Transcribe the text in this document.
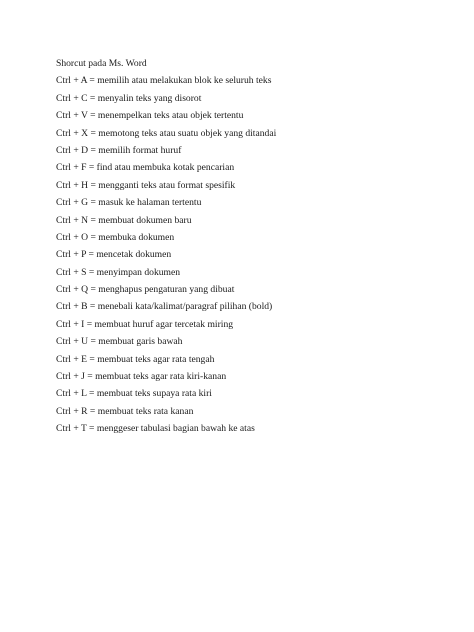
Shorcut pada Ms. Word
Ctrl + A = memilih atau melakukan blok ke seluruh teks
Ctrl + C = menyalin teks yang disorot
Ctrl + V = menempelkan teks atau objek tertentu
Ctrl + X = memotong teks atau suatu objek yang ditandai
Ctrl + D = memilih format huruf
Ctrl + F = find atau membuka kotak pencarian
Ctrl + H = mengganti teks atau format spesifik
Ctrl + G = masuk ke halaman tertentu
Ctrl + N = membuat dokumen baru
Ctrl + O = membuka dokumen
Ctrl + P = mencetak dokumen
Ctrl + S = menyimpan dokumen
Ctrl + Q = menghapus pengaturan yang dibuat
Ctrl + B = menebali kata/kalimat/paragraf pilihan (bold)
Ctrl + I = membuat huruf agar tercetak miring
Ctrl + U = membuat garis bawah
Ctrl + E = membuat teks agar rata tengah
Ctrl + J = membuat teks agar rata kiri-kanan
Ctrl + L = membuat teks supaya rata kiri
Ctrl + R = membuat teks rata kanan
Ctrl + T = menggeser tabulasi bagian bawah ke atas
